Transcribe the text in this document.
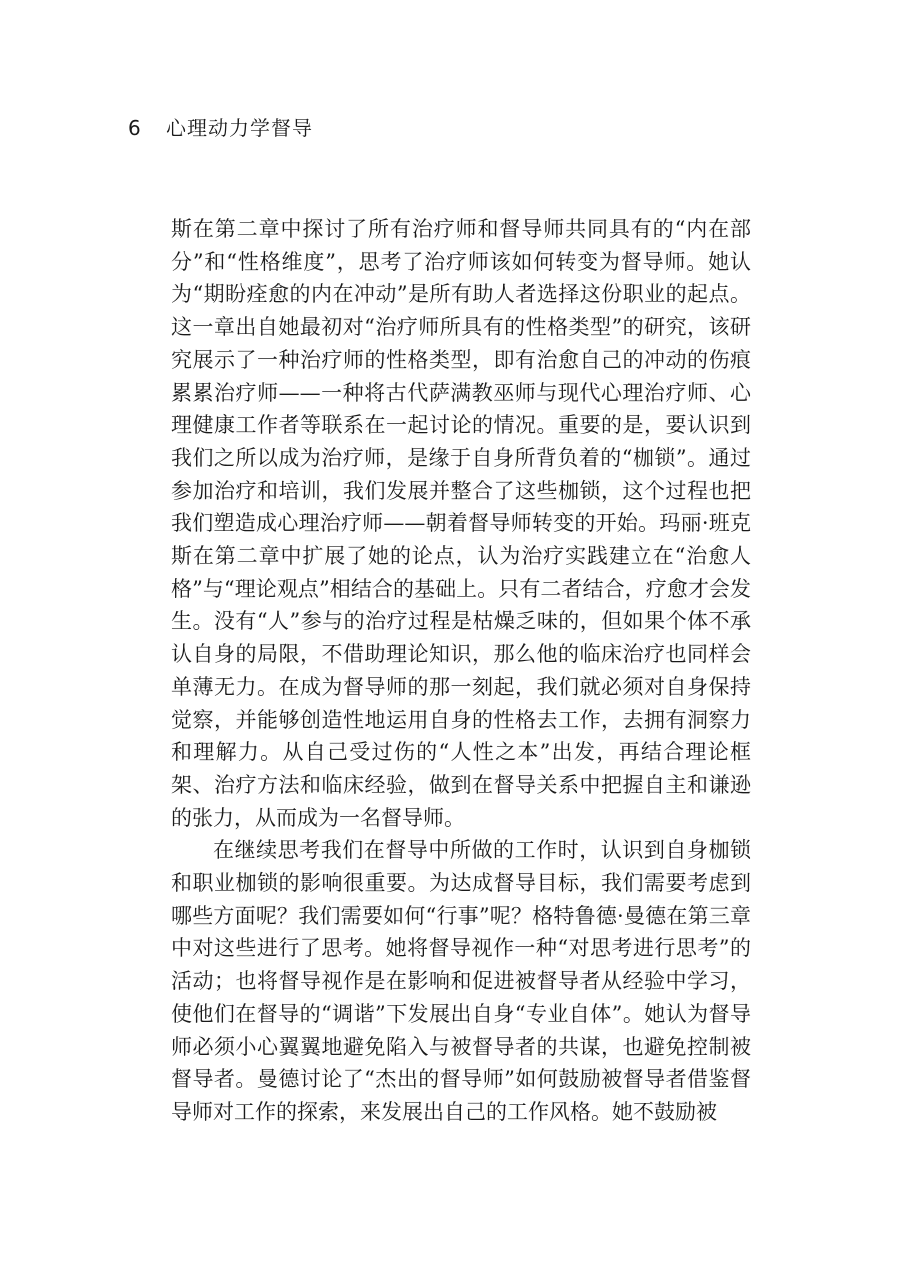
6 心理动力学督导

斯在第二章中探讨了所有治疗师和督导师共同具有的“内在部分”和“性格维度”，思考了治疗师该如何转变为督导师。她认为“期盼痊愈的内在冲动”是所有助人者选择这份职业的起点。这一章出自她最初对“治疗师所具有的性格类型”的研究，该研究展示了一种治疗师的性格类型，即有治愈自己的冲动的伤痕累累治疗师——一种将古代萨满教巫师与现代心理治疗师、心理健康工作者等联系在一起讨论的情况。重要的是，要认识到我们之所以成为治疗师，是缘于自身所背负着的“枷锁”。通过参加治疗和培训，我们发展并整合了这些枷锁，这个过程也把我们塑造成心理治疗师——朝着督导师转变的开始。玛丽·班克斯在第二章中扩展了她的论点，认为治疗实践建立在“治愈人格”与“理论观点”相结合的基础上。只有二者结合，疗愈才会发生。没有“人”参与的治疗过程是枯燥乏味的，但如果个体不承认自身的局限，不借助理论知识，那么他的临床治疗也同样会单薄无力。在成为督导师的那一刻起，我们就必须对自身保持觉察，并能够创造性地运用自身的性格去工作，去拥有洞察力和理解力。从自己受过伤的“人性之本”出发，再结合理论框架、治疗方法和临床经验，做到在督导关系中把握自主和谦逊的张力，从而成为一名督导师。

在继续思考我们在督导中所做的工作时，认识到自身枷锁和职业枷锁的影响很重要。为达成督导目标，我们需要考虑到哪些方面呢？我们需要如何“行事”呢？格特鲁德·曼德在第三章中对这些进行了思考。她将督导视作一种“对思考进行思考”的活动；也将督导视作是在影响和促进被督导者从经验中学习，使他们在督导的“调谐”下发展出自身“专业自体”。她认为督导师必须小心翼翼地避免陷入与被督导者的共谋，也避免控制被督导者。曼德讨论了“杰出的督导师”如何鼓励被督导者借鉴督导师对工作的探索，来发展出自己的工作风格。她不鼓励被
